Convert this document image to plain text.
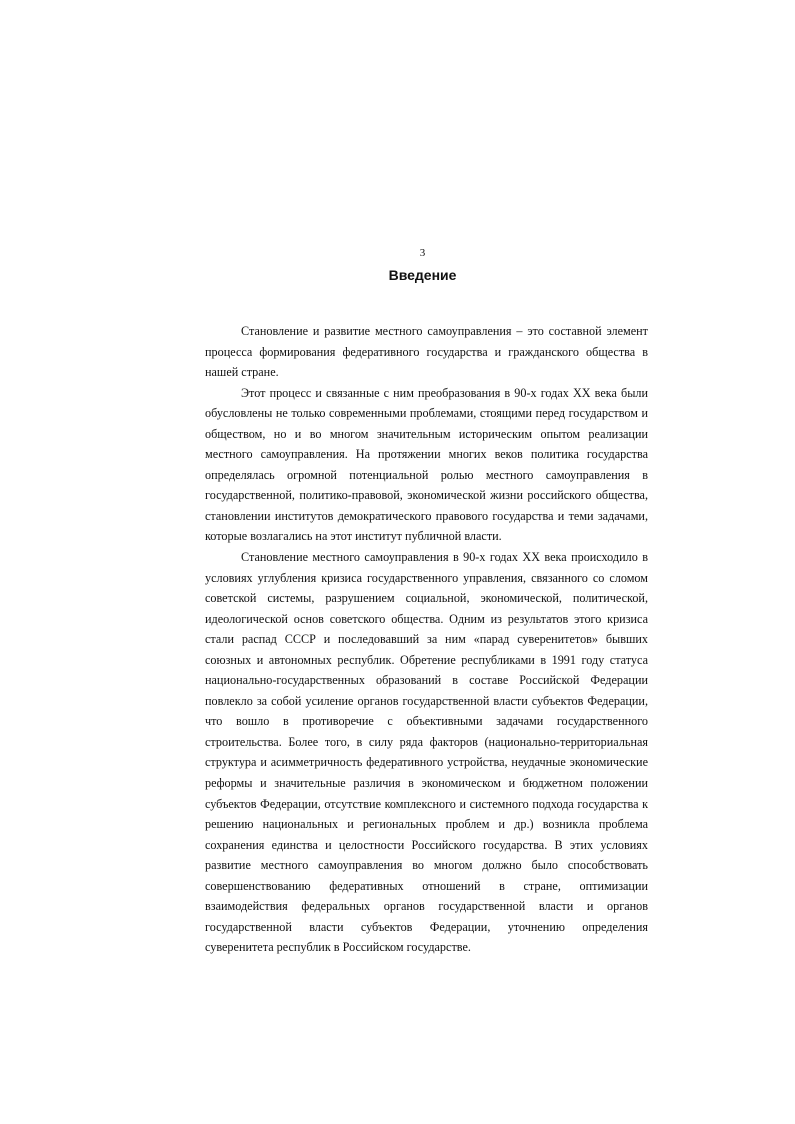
3
Введение

Становление и развитие местного самоуправления – это составной элемент процесса формирования федеративного государства и гражданского общества в нашей стране.

Этот процесс и связанные с ним преобразования в 90-х годах XX века были обусловлены не только современными проблемами, стоящими перед государством и обществом, но и во многом значительным историческим опытом реализации местного самоуправления. На протяжении многих веков политика государства определялась огромной потенциальной ролью местного самоуправления в государственной, политико-правовой, экономической жизни российского общества, становлении институтов демократического правового государства и теми задачами, которые возлагались на этот институт публичной власти.

Становление местного самоуправления в 90-х годах XX века происходило в условиях углубления кризиса государственного управления, связанного со сломом советской системы, разрушением социальной, экономической, политической, идеологической основ советского общества. Одним из результатов этого кризиса стали распад СССР и последовавший за ним «парад суверенитетов» бывших союзных и автономных республик. Обретение республиками в 1991 году статуса национально-государственных образований в составе Российской Федерации повлекло за собой усиление органов государственной власти субъектов Федерации, что вошло в противоречие с объективными задачами государственного строительства. Более того, в силу ряда факторов (национально-территориальная структура и асимметричность федеративного устройства, неудачные экономические реформы и значительные различия в экономическом и бюджетном положении субъектов Федерации, отсутствие комплексного и системного подхода государства к решению национальных и региональных проблем и др.) возникла проблема сохранения единства и целостности Российского государства. В этих условиях развитие местного самоуправления во многом должно было способствовать совершенствованию федеративных отношений в стране, оптимизации взаимодействия федеральных органов государственной власти и органов государственной власти субъектов Федерации, уточнению определения суверенитета республик в Российском государстве.
